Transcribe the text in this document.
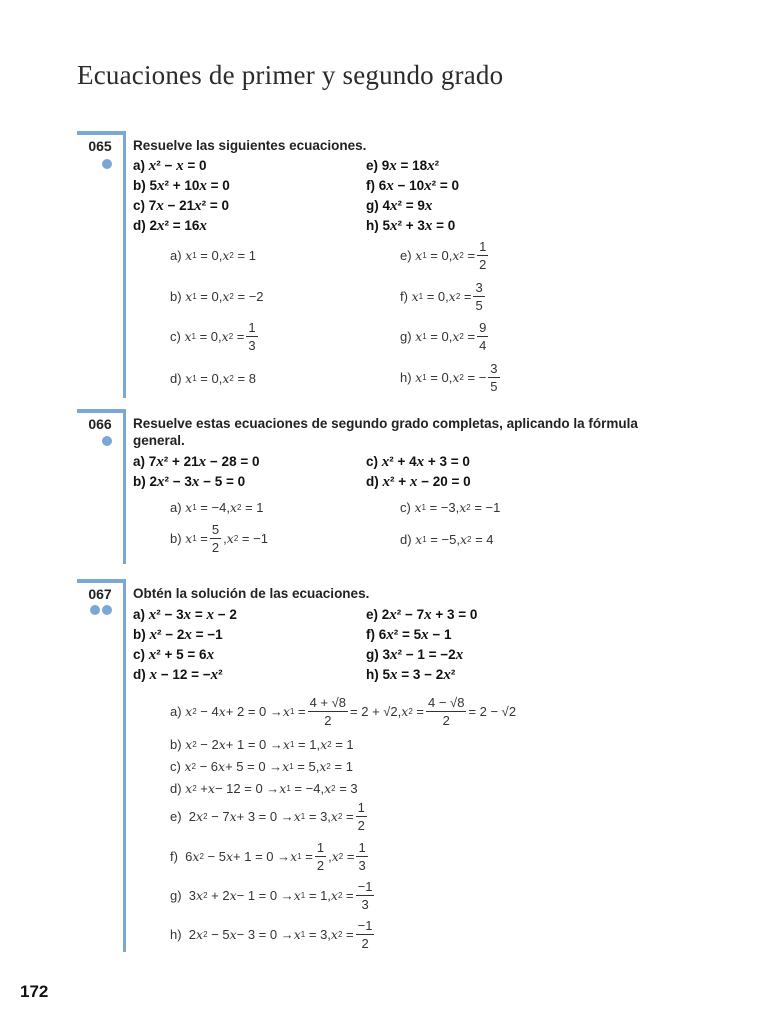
Ecuaciones de primer y segundo grado
065	Resuelve las siguientes ecuaciones.
a) x² − x = 0
b) 5x² + 10x = 0
c) 7x − 21x² = 0
d) 2x² = 16x
e) 9x = 18x²
f) 6x − 10x² = 0
g) 4x² = 9x
h) 5x² + 3x = 0
a) x 1 = 0, x 2 = 1
b) x 1 = 0, x 2 = −2
c) x 1 = 0, x $2 = \frac{1}{3}$
d) x 1 = 0, x 2 = 8
e) x 1 = 0, x $2 = \frac{1}{2}$
f) x 1 = 0, x $2 = \frac{3}{5}$
g) x 1 = 0, x $2 = \frac{9}{4}$
h) x 1 = 0, x 2 = − $\frac{3}{5}$
066	Resuelve estas ecuaciones de segundo grado completas, aplicando la fórmula
general.
a) 7x² + 21x − 28 = 0
b) 2x² − 3x − 5 = 0
c) x² + 4x + 3 = 0
d) x² + x − 20 = 0
a) x 1 = −4, x 2 = 1
b) x $1 = \frac{5}{2}$ , x 2 = −1
c) x 1 = −3, x 2 = −1
d) x 1 = −5, x 2 = 4
067	Obtén la solución de las ecuaciones.
a) x² − 3x = x − 2
b) x² − 2x = −1
c) x² + 5 = 6x
d) x − 12 = −x²
e) 2x² − 7x + 3 = 0
f) 6x² = 5x − 1
g) 3x² − 1 = −2x
h) 5x = 3 − 2x²
a) x 2 − 4 x + 2 = 0 → x $1 = \frac{4 + √8}{2} = 2 + √2$, x $2 = \frac{4 - √8}{2} = 2 - √2$
b) x 2 − 2 x + 1 = 0 → x 1 = 1, x 2 = 1
c) x 2 − 6 x + 5 = 0 → x 1 = 5, x 2 = 1
d) x 2 + x − 12 = 0 → x 1 = −4, x 2 = 3
e)  2 x 2 − 7 x + 3 = 0 → x 1 = 3, x $2 = \frac{1}{2}$
f)  6 x 2 − 5 x + 1 = 0 → x $1 = \frac{1}{2}$ , x $2 = \frac{1}{3}$
g)  3 x 2 + 2 x − 1 = 0 → x 1 = 1, x $2 = \frac{-1}{3}$
h)  2 x 2 − 5 x − 3 = 0 → x 1 = 3, x $2 = \frac{-1}{2}$
172
